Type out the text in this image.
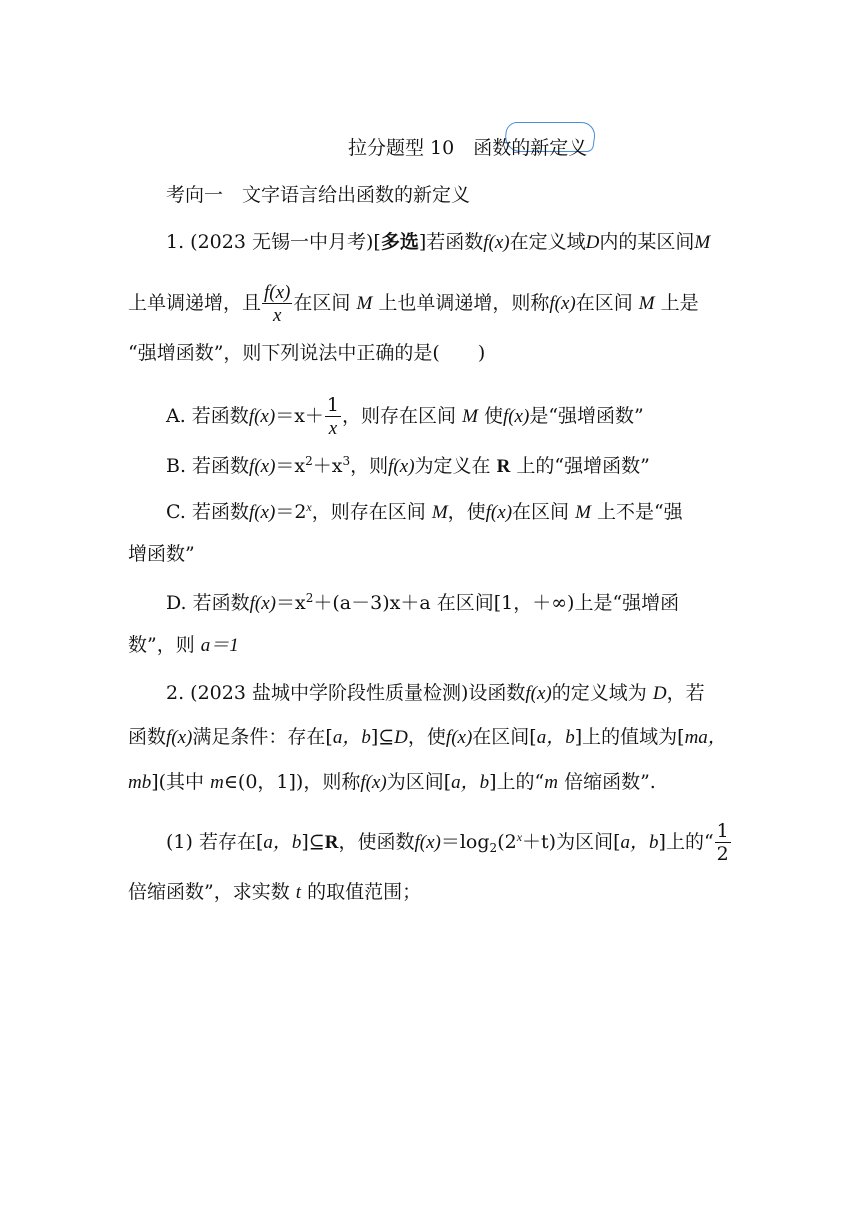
拉分题型 10　函数的新定义
考向一　文字语言给出函数的新定义
1. (2023 无锡一中月考)[多选]若函数f(x)在定义域D内的某区间M
上单调递增，且 $\frac{f(x)}{x}$ 在区间 M 上也单调递增，则称f(x)在区间 M 上是
“强增函数”，则下列说法中正确的是( )
A. 若函数$f(x)=x+ \frac{1}{x}$ ，则存在区间 M 使f(x)是“强增函数”
B. 若函数$f(x)=x^2+x^3$，则f(x)为定义在 R 上的“强增函数”
C. 若函数$f(x)=2^x$，则存在区间 M，使f(x)在区间 M 上不是“强
增函数”
D. 若函数$f(x)=x^2+(a-3)x+a$ 在区间[1，＋∞)上是“强增函
数”，则 a＝1
2. (2023 盐城中学阶段性质量检测)设函数f(x)的定义域为 D，若
函数f(x)满足条件：存在[a，b]⊆D，使f(x)在区间[a，b]上的值域为[ma，
mb](其中 m∈(0，1])，则称f(x)为区间[a，b]上的“m 倍缩函数”.
(1) 若存在[a，b]⊆R，使函数$f(x)=\log_2(2^x+t)$为区间[a，b]上的“ $\frac{1}{2}$
倍缩函数”，求实数 t 的取值范围；
